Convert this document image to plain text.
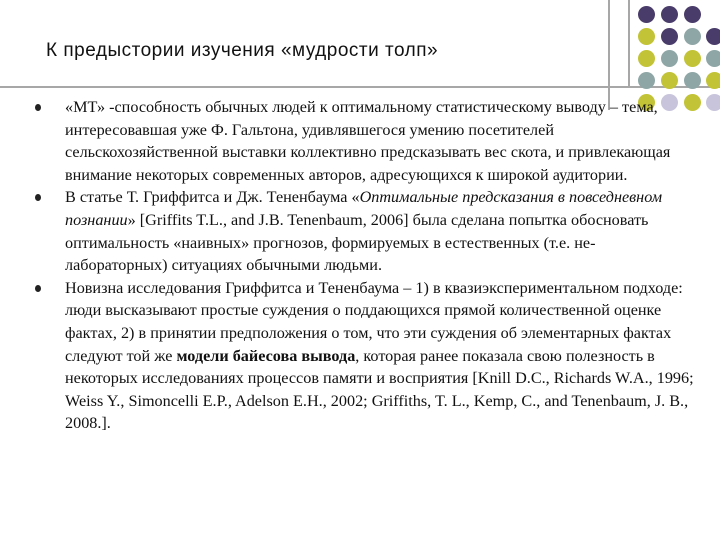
К предыстории изучения «мудрости толп»
«МТ» -способность обычных людей к оптимальному статистическому выводу – тема, интересовавшая уже Ф. Гальтона, удивлявшегося умению посетителей сельскохозяйственной выставки коллективно предсказывать вес скота, и привлекающая внимание некоторых современных авторов, адресующихся к широкой аудитории.
В статье Т. Гриффитса и Дж. Тененбаума «Оптимальные предсказания в повседневном познании» [Griffits T.L., and J.B. Tenenbaum, 2006] была сделана попытка обосновать оптимальность «наивных» прогнозов, формируемых в естественных (т.е. не-лабораторных) ситуациях обычными людьми.
Новизна исследования Гриффитса и Тененбаума – 1) в квазиэкспериментальном подходе: люди высказывают простые суждения о поддающихся прямой количественной оценке фактах, 2) в принятии предположения о том, что эти суждения об элементарных фактах следуют той же модели байесова вывода, которая ранее показала свою полезность в некоторых исследованиях процессов памяти и восприятия [Knill D.C., Richards W.A., 1996; Weiss Y., Simoncelli E.P., Adelson E.H., 2002; Griffiths, T. L., Kemp, C., and Tenenbaum, J. B., 2008.].
